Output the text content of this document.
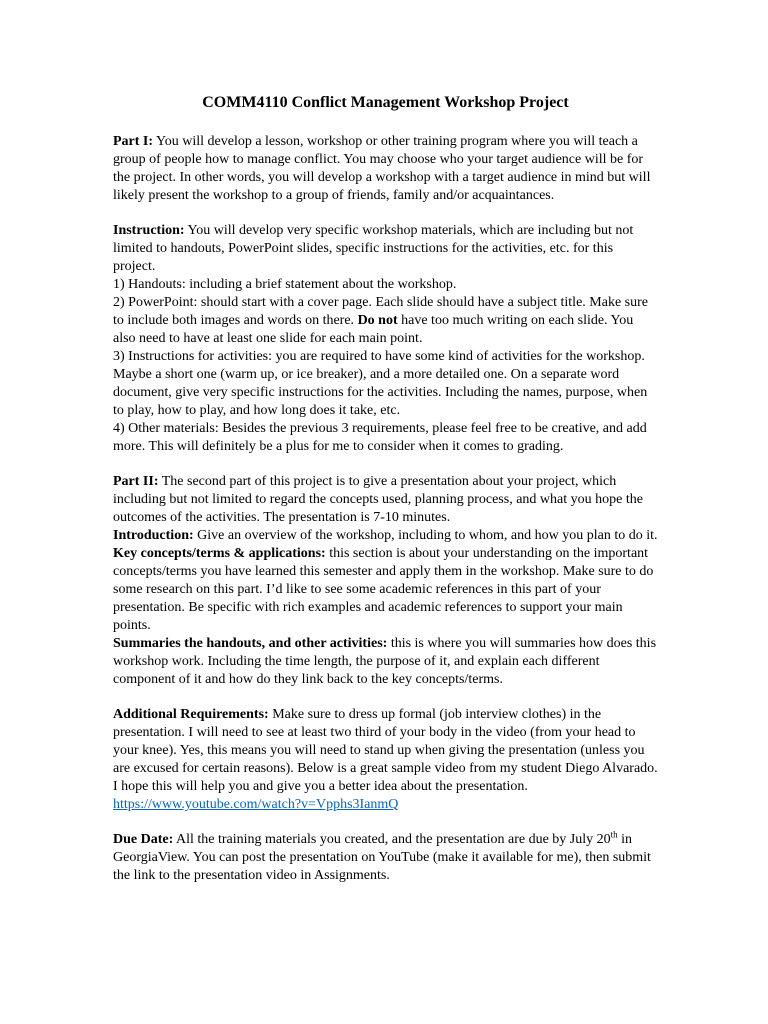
COMM4110 Conflict Management Workshop Project

Part I: You will develop a lesson, workshop or other training program where you will teach a group of people how to manage conflict. You may choose who your target audience will be for the project. In other words, you will develop a workshop with a target audience in mind but will likely present the workshop to a group of friends, family and/or acquaintances.

Instruction: You will develop very specific workshop materials, which are including but not limited to handouts, PowerPoint slides, specific instructions for the activities, etc. for this project.

1) Handouts: including a brief statement about the workshop.

2) PowerPoint: should start with a cover page. Each slide should have a subject title. Make sure to include both images and words on there. Do not have too much writing on each slide. You also need to have at least one slide for each main point.

3) Instructions for activities: you are required to have some kind of activities for the workshop. Maybe a short one (warm up, or ice breaker), and a more detailed one. On a separate word document, give very specific instructions for the activities. Including the names, purpose, when to play, how to play, and how long does it take, etc.

4) Other materials: Besides the previous 3 requirements, please feel free to be creative, and add more. This will definitely be a plus for me to consider when it comes to grading.

Part II: The second part of this project is to give a presentation about your project, which including but not limited to regard the concepts used, planning process, and what you hope the outcomes of the activities. The presentation is 7-10 minutes.

Introduction: Give an overview of the workshop, including to whom, and how you plan to do it.

Key concepts/terms & applications: this section is about your understanding on the important concepts/terms you have learned this semester and apply them in the workshop. Make sure to do some research on this part. I’d like to see some academic references in this part of your presentation. Be specific with rich examples and academic references to support your main points.

Summaries the handouts, and other activities: this is where you will summaries how does this workshop work. Including the time length, the purpose of it, and explain each different component of it and how do they link back to the key concepts/terms.

Additional Requirements: Make sure to dress up formal (job interview clothes) in the presentation. I will need to see at least two third of your body in the video (from your head to your knee). Yes, this means you will need to stand up when giving the presentation (unless you are excused for certain reasons). Below is a great sample video from my student Diego Alvarado. I hope this will help you and give you a better idea about the presentation. https://www.youtube.com/watch?v=Vpphs3IanmQ

Due Date: All the training materials you created, and the presentation are due by July 20th in GeorgiaView. You can post the presentation on YouTube (make it available for me), then submit the link to the presentation video in Assignments.
